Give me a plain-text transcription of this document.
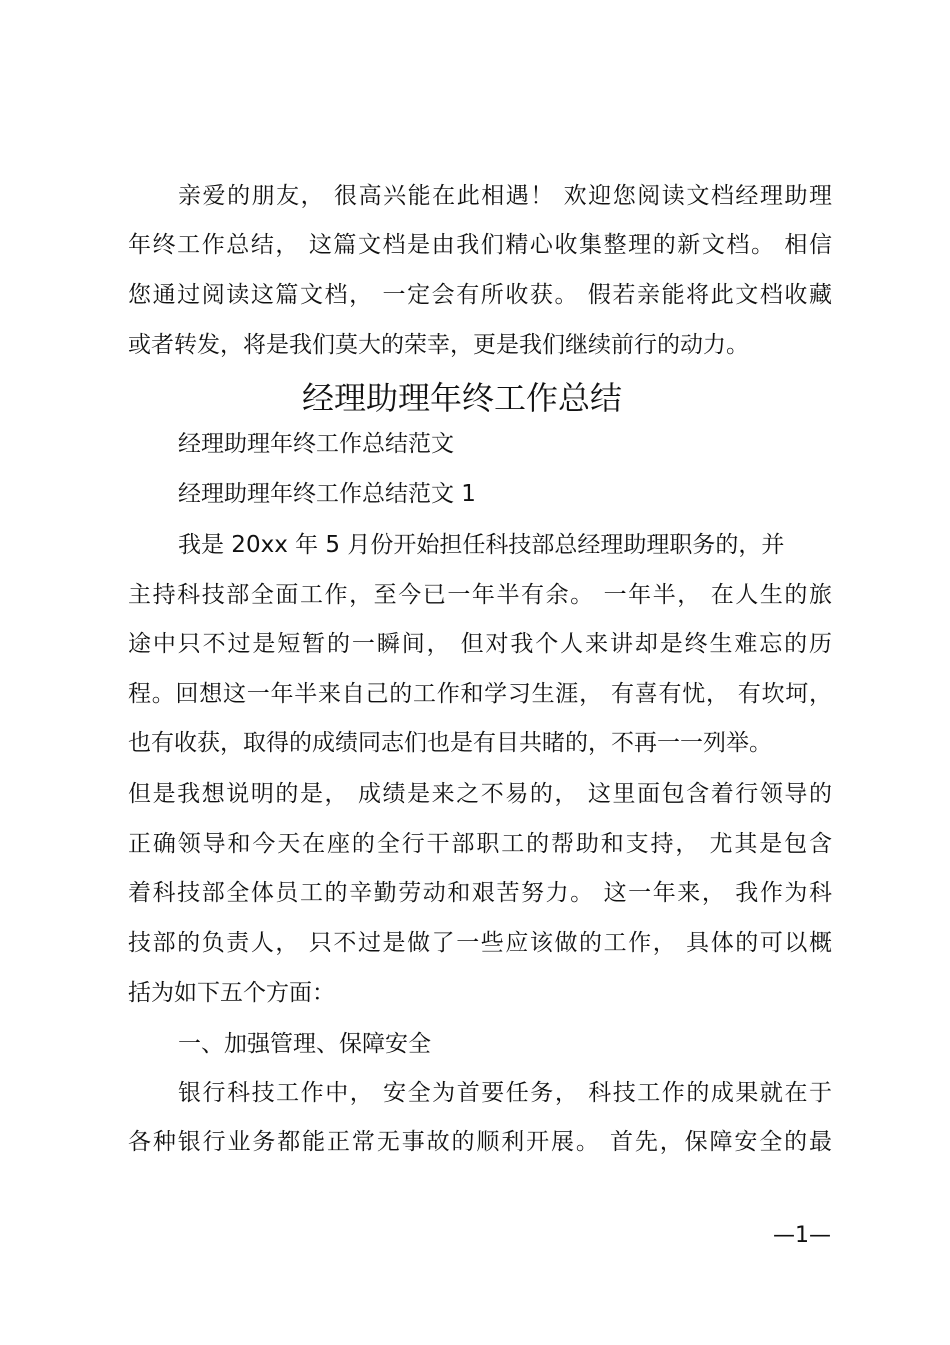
亲爱的朋友， 很高兴能在此相遇！ 欢迎您阅读文档经理助理
年终工作总结， 这篇文档是由我们精心收集整理的新文档。 相信
您通过阅读这篇文档， 一定会有所收获。 假若亲能将此文档收藏
或者转发，将是我们莫大的荣幸，更是我们继续前行的动力。
经理助理年终工作总结
经理助理年终工作总结范文
经理助理年终工作总结范文 1
我是 20xx 年 5 月份开始担任科技部总经理助理职务的，并
主持科技部全面工作，至今已一年半有余。 一年半， 在人生的旅
途中只不过是短暂的一瞬间， 但对我个人来讲却是终生难忘的历
程。回想这一年半来自己的工作和学习生涯， 有喜有忧， 有坎坷，
也有收获，取得的成绩同志们也是有目共睹的，不再一一列举。
但是我想说明的是， 成绩是来之不易的， 这里面包含着行领导的
正确领导和今天在座的全行干部职工的帮助和支持， 尤其是包含
着科技部全体员工的辛勤劳动和艰苦努力。 这一年来， 我作为科
技部的负责人， 只不过是做了一些应该做的工作， 具体的可以概
括为如下五个方面：
一、加强管理、保障安全
银行科技工作中， 安全为首要任务， 科技工作的成果就在于
各种银行业务都能正常无事故的顺利开展。 首先，保障安全的最
—1—
